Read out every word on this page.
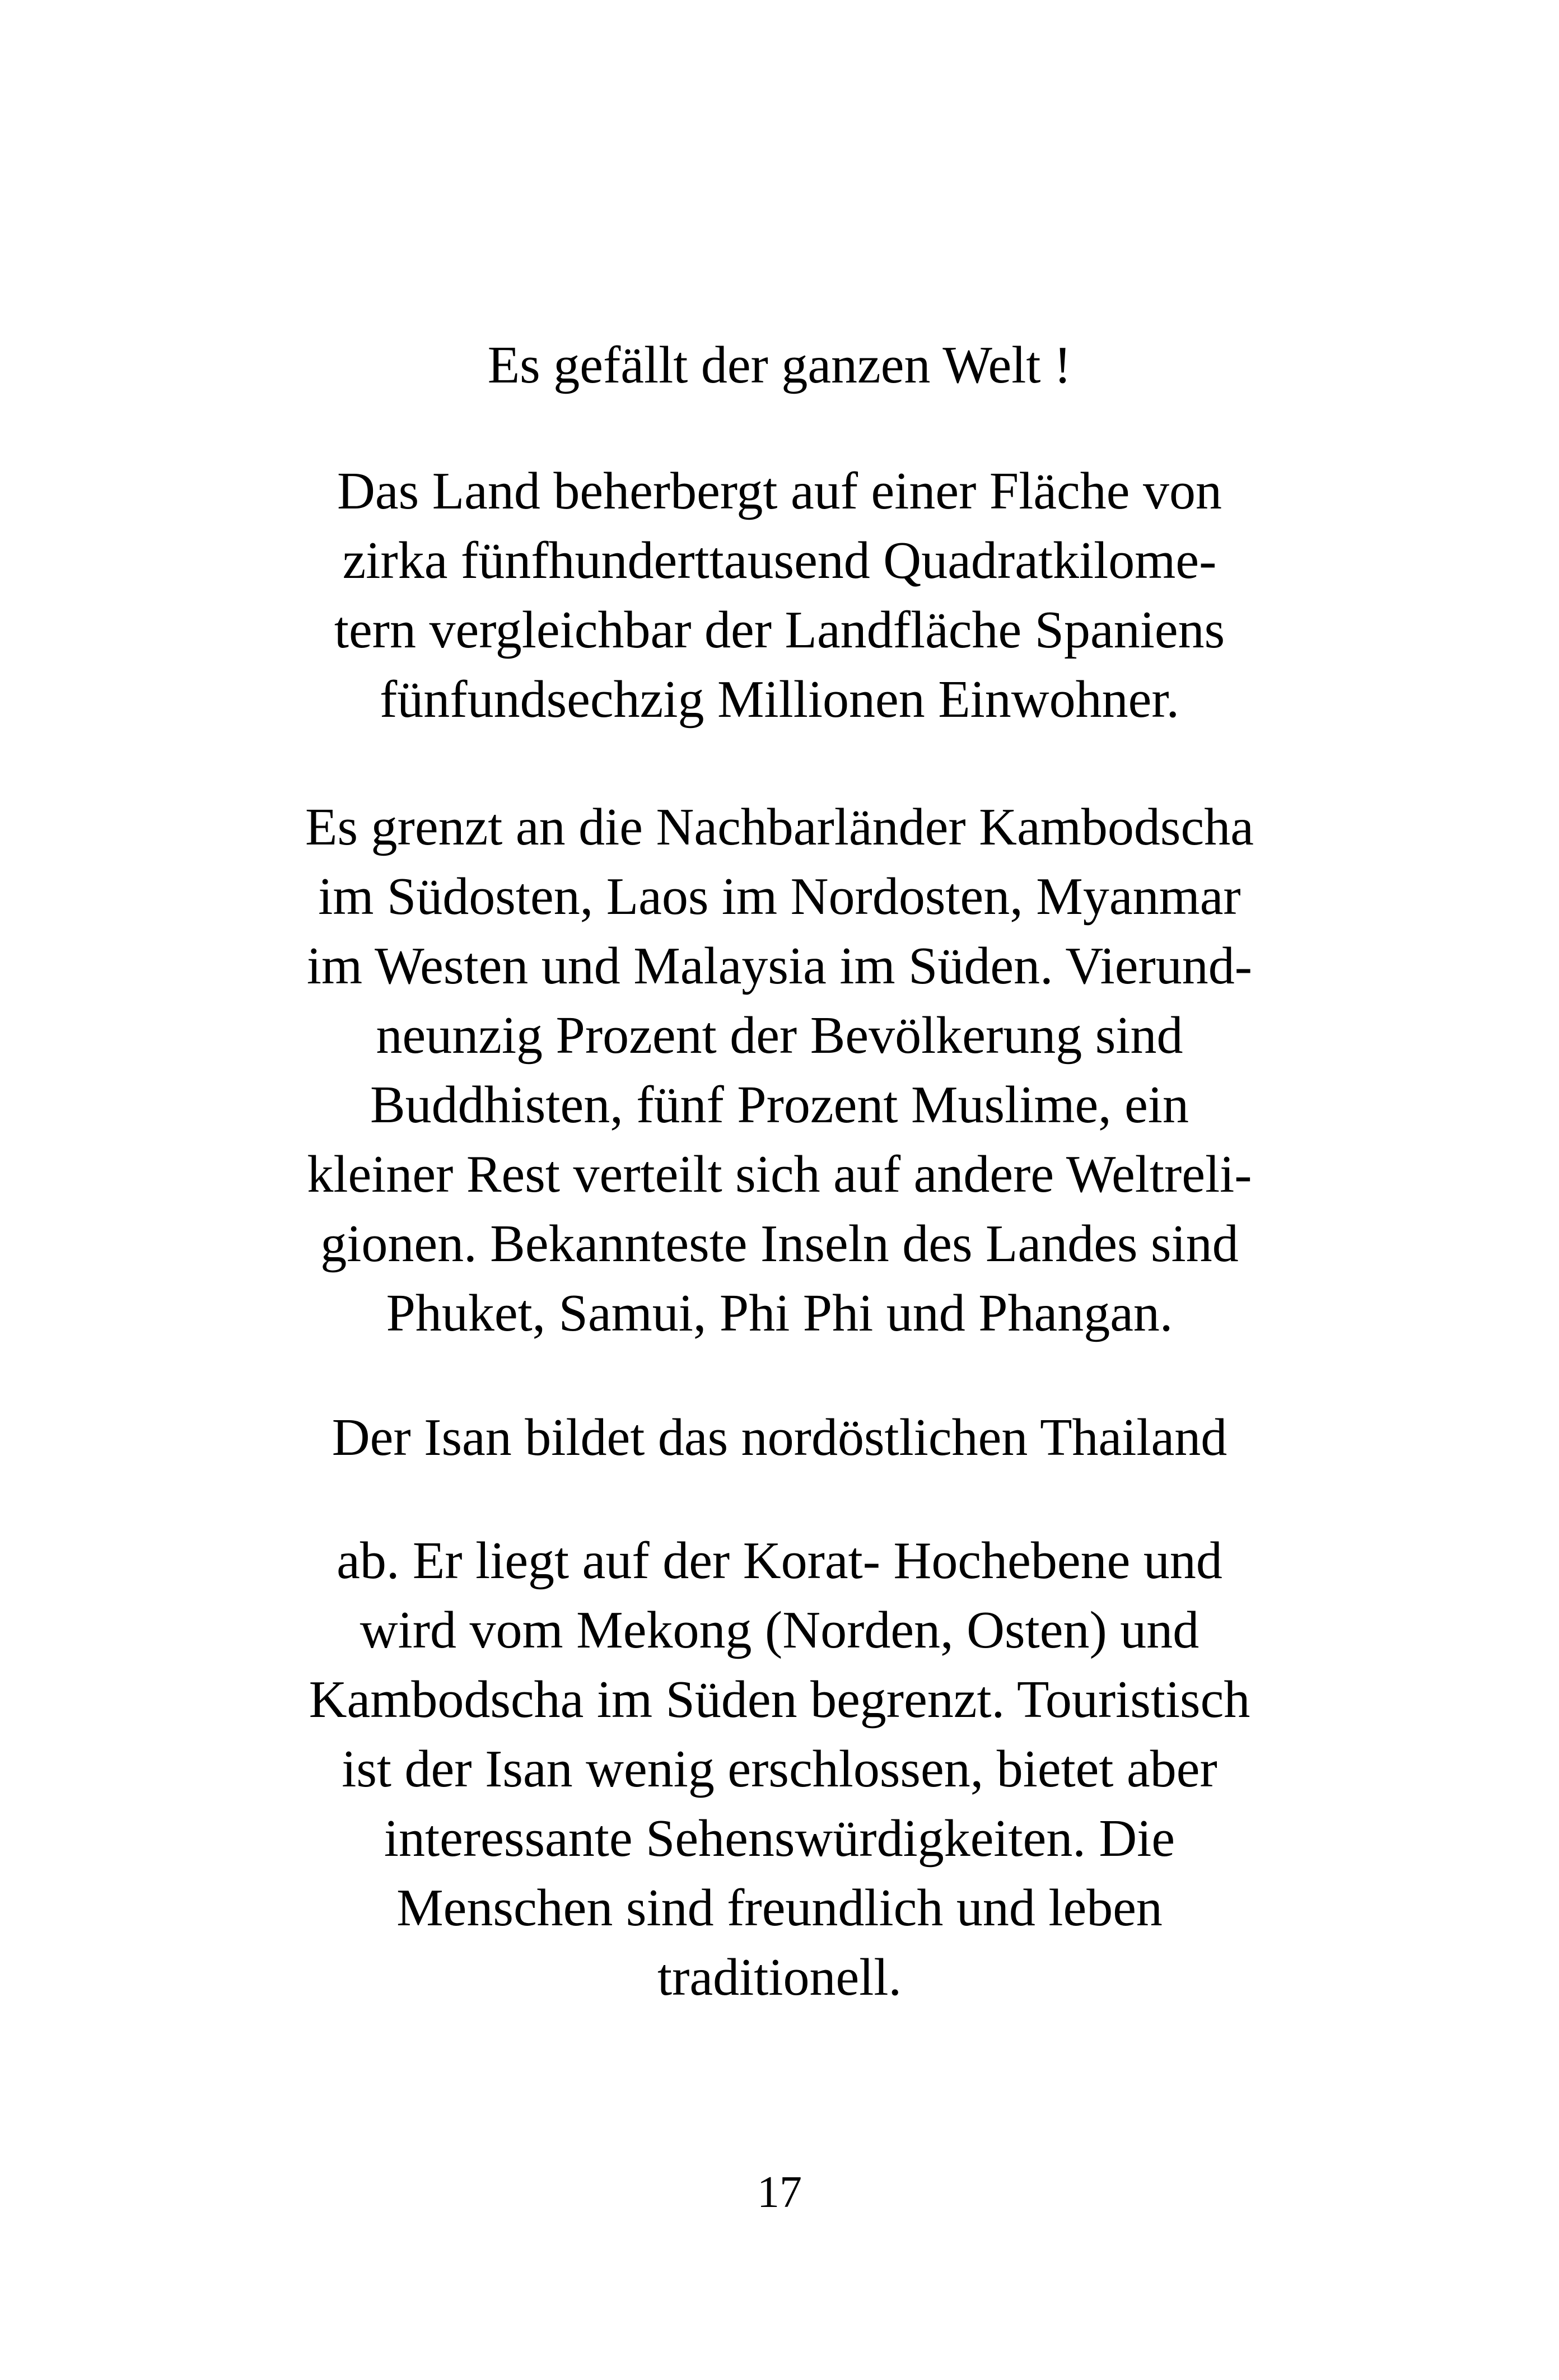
Es gefällt der ganzen Welt !
Das Land beherbergt auf einer Fläche von
zirka fünfhunderttausend Quadratkilome-
tern vergleichbar der Landfläche Spaniens
fünfundsechzig Millionen Einwohner.
Es grenzt an die Nachbarländer Kambodscha
im Südosten, Laos im Nordosten, Myanmar
im Westen und Malaysia im Süden. Vierund-
neunzig Prozent der Bevölkerung sind
Buddhisten, fünf Prozent Muslime, ein
kleiner Rest verteilt sich auf andere Weltreli-
gionen. Bekannteste Inseln des Landes sind
Phuket, Samui, Phi Phi und Phangan.
Der Isan bildet das nordöstlichen Thailand
ab. Er liegt auf der Korat- Hochebene und
wird vom Mekong (Norden, Osten) und
Kambodscha im Süden begrenzt. Touristisch
ist der Isan wenig erschlossen, bietet aber
interessante Sehenswürdigkeiten. Die
Menschen sind freundlich und leben
traditionell.
17
